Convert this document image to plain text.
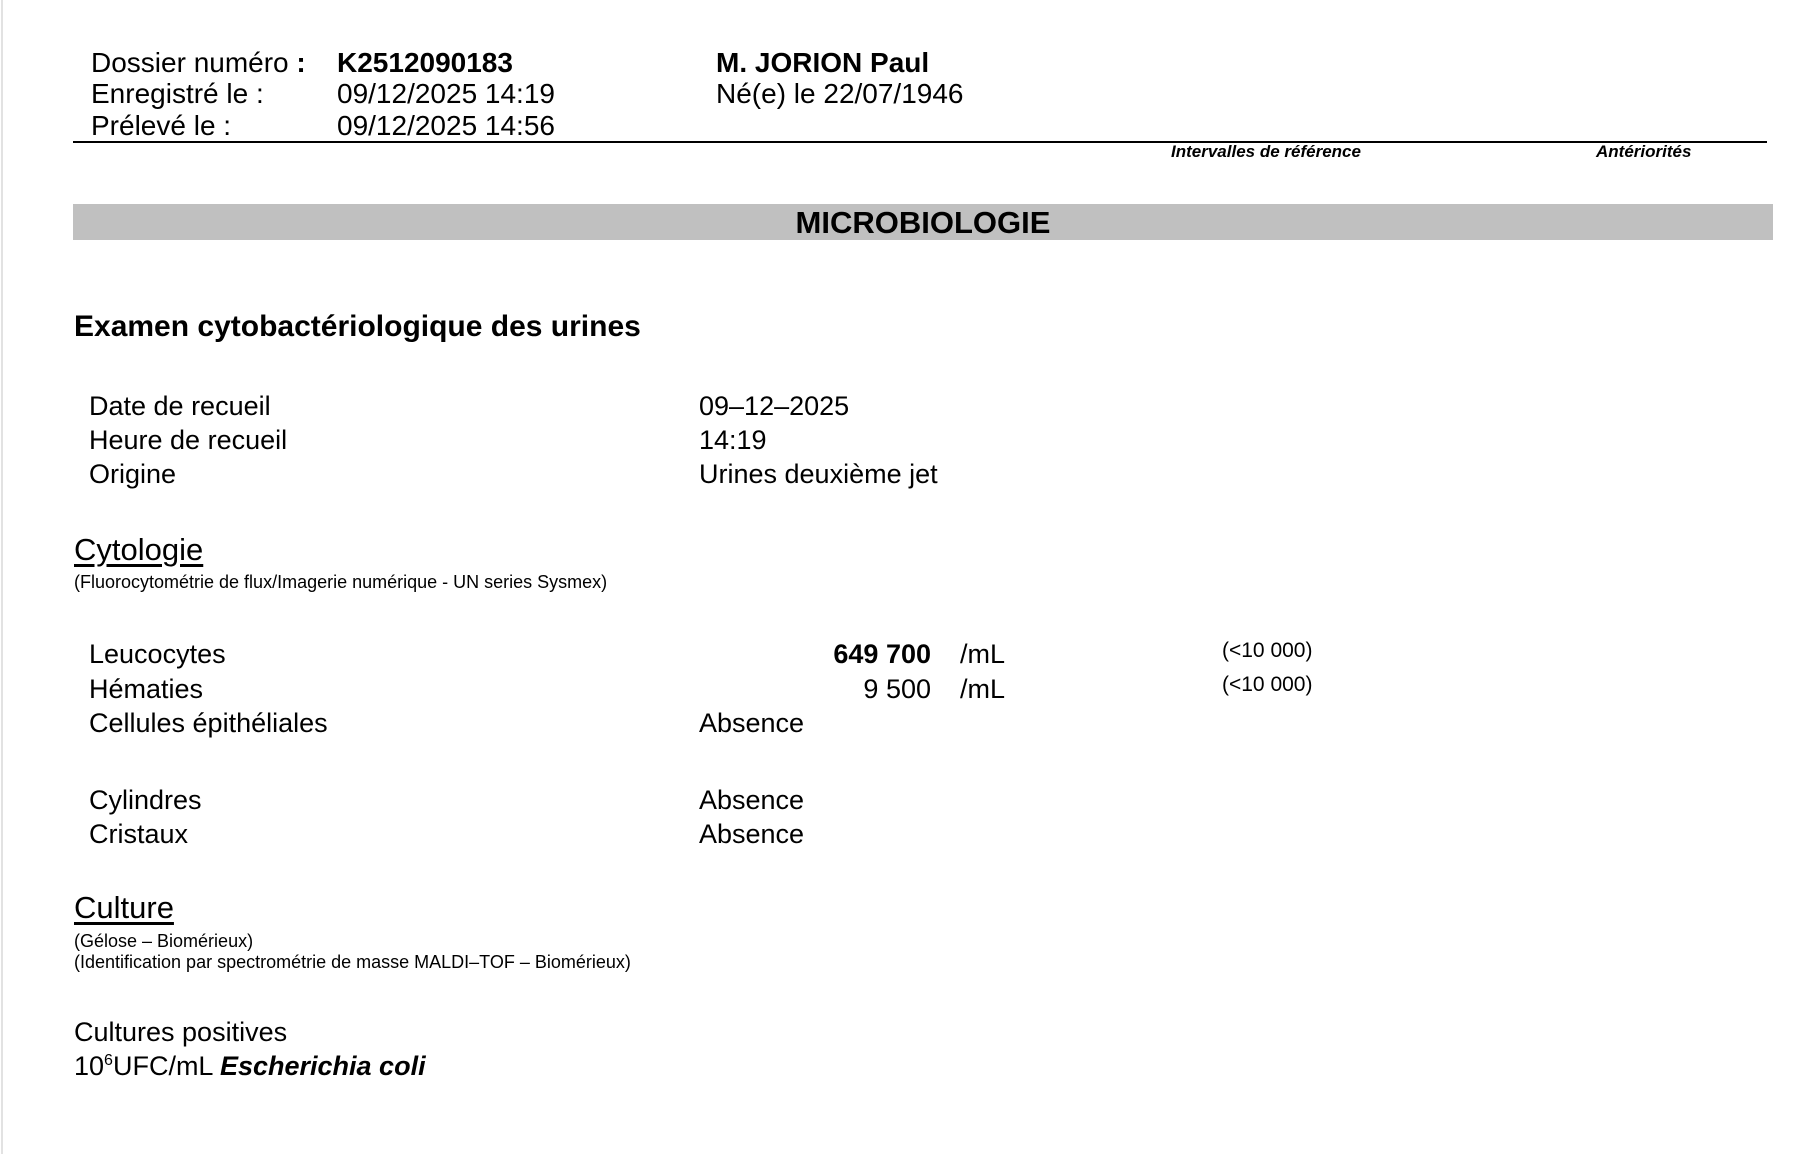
Dossier numéro : K2512090183
Enregistré le :	09/12/2025 14:19
Prélevé le :	09/12/2025 14:56
M. JORION Paul
Né(e) le 22/07/1946
Intervalles de référence	Antériorités
MICROBIOLOGIE
Examen cytobactériologique des urines
Date de recueil	09–12–2025
Heure de recueil	14:19
Origine	Urines deuxième jet
Cytologie
(Fluorocytométrie de flux/Imagerie numérique - UN series Sysmex)
Leucocytes	649 700 /mL	(<10 000)
Hématies	9 500 /mL	(<10 000)
Cellules épithéliales	Absence
Cylindres	Absence
Cristaux	Absence
Culture
(Gélose – Biomérieux)
(Identification par spectrométrie de masse MALDI–TOF – Biomérieux)
Cultures positives
$10^6UFC/mL$ Escherichia coli
